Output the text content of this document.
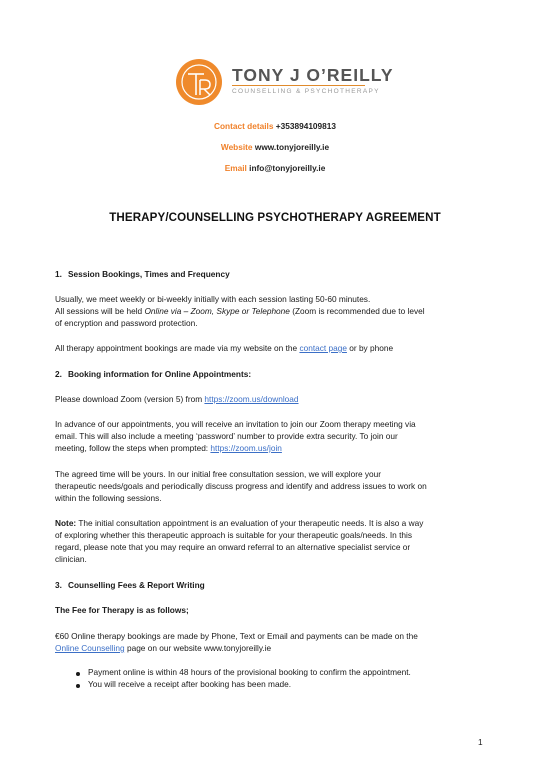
TONY J O’REILLY
COUNSELLING & PSYCHOTHERAPY
Contact details +353894109813
Website www.tonyjoreilly.ie
Email info@tonyjoreilly.ie
THERAPY/COUNSELLING PSYCHOTHERAPY AGREEMENT
1. Session Bookings, Times and Frequency
Usually, we meet weekly or bi-weekly initially with each session lasting 50-60 minutes.
All sessions will be held Online via – Zoom, Skype or Telephone (Zoom is recommended due to level
of encryption and password protection.
All therapy appointment bookings are made via my website on the contact page or by phone
2. Booking information for Online Appointments:
Please download Zoom (version 5) from https://zoom.us/download
In advance of our appointments, you will receive an invitation to join our Zoom therapy meeting via
email. This will also include a meeting ‘password’ number to provide extra security. To join our
meeting, follow the steps when prompted: https://zoom.us/join
The agreed time will be yours. In our initial free consultation session, we will explore your
therapeutic needs/goals and periodically discuss progress and identify and address issues to work on
within the following sessions.
Note: The initial consultation appointment is an evaluation of your therapeutic needs. It is also a way
of exploring whether this therapeutic approach is suitable for your therapeutic goals/needs. In this
regard, please note that you may require an onward referral to an alternative specialist service or
clinician.
3. Counselling Fees & Report Writing
The Fee for Therapy is as follows;
€60 Online therapy bookings are made by Phone, Text or Email and payments can be made on the
Online Counselling page on our website www.tonyjoreilly.ie
Payment online is within 48 hours of the provisional booking to confirm the appointment.
You will receive a receipt after booking has been made.
1
